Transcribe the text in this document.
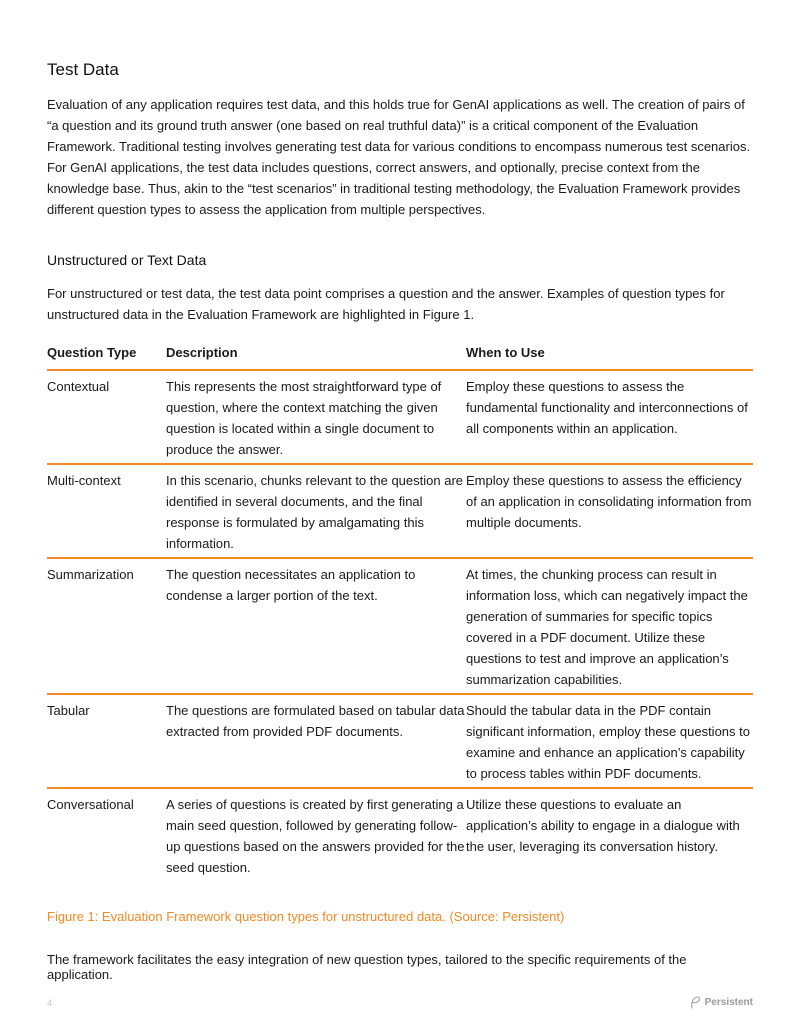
Test Data

Evaluation of any application requires test data, and this holds true for GenAI applications as well. The creation of pairs of “a question and its ground truth answer (one based on real truthful data)” is a critical component of the Evaluation Framework. Traditional testing involves generating test data for various conditions to encompass numerous test scenarios. For GenAI applications, the test data includes questions, correct answers, and optionally, precise context from the knowledge base. Thus, akin to the “test scenarios” in traditional testing methodology, the Evaluation Framework provides different question types to assess the application from multiple perspectives.

Unstructured or Text Data

For unstructured or test data, the test data point comprises a question and the answer. Examples of question types for unstructured data in the Evaluation Framework are highlighted in Figure 1.

Question Type	Description	When to Use
Contextual	This represents the most straightforward type of question, where the context matching the given question is located within a single document to produce the answer.	Employ these questions to assess the fundamental functionality and interconnections of all components within an application.
Multi-context	In this scenario, chunks relevant to the question are identified in several documents, and the final response is formulated by amalgamating this information.	Employ these questions to assess the efficiency of an application in consolidating information from multiple documents.
Summarization	The question necessitates an application to condense a larger portion of the text.	At times, the chunking process can result in information loss, which can negatively impact the generation of summaries for specific topics covered in a PDF document. Utilize these questions to test and improve an application’s summarization capabilities.
Tabular	The questions are formulated based on tabular data extracted from provided PDF documents.	Should the tabular data in the PDF contain significant information, employ these questions to examine and enhance an application’s capability to process tables within PDF documents.
Conversational	A series of questions is created by first generating a main seed question, followed by generating follow-up questions based on the answers provided for the seed question.	Utilize these questions to evaluate an application’s ability to engage in a dialogue with the user, leveraging its conversation history.

Figure 1: Evaluation Framework question types for unstructured data. (Source: Persistent)

The framework facilitates the easy integration of new question types, tailored to the specific requirements of the application.

4	Persistent
